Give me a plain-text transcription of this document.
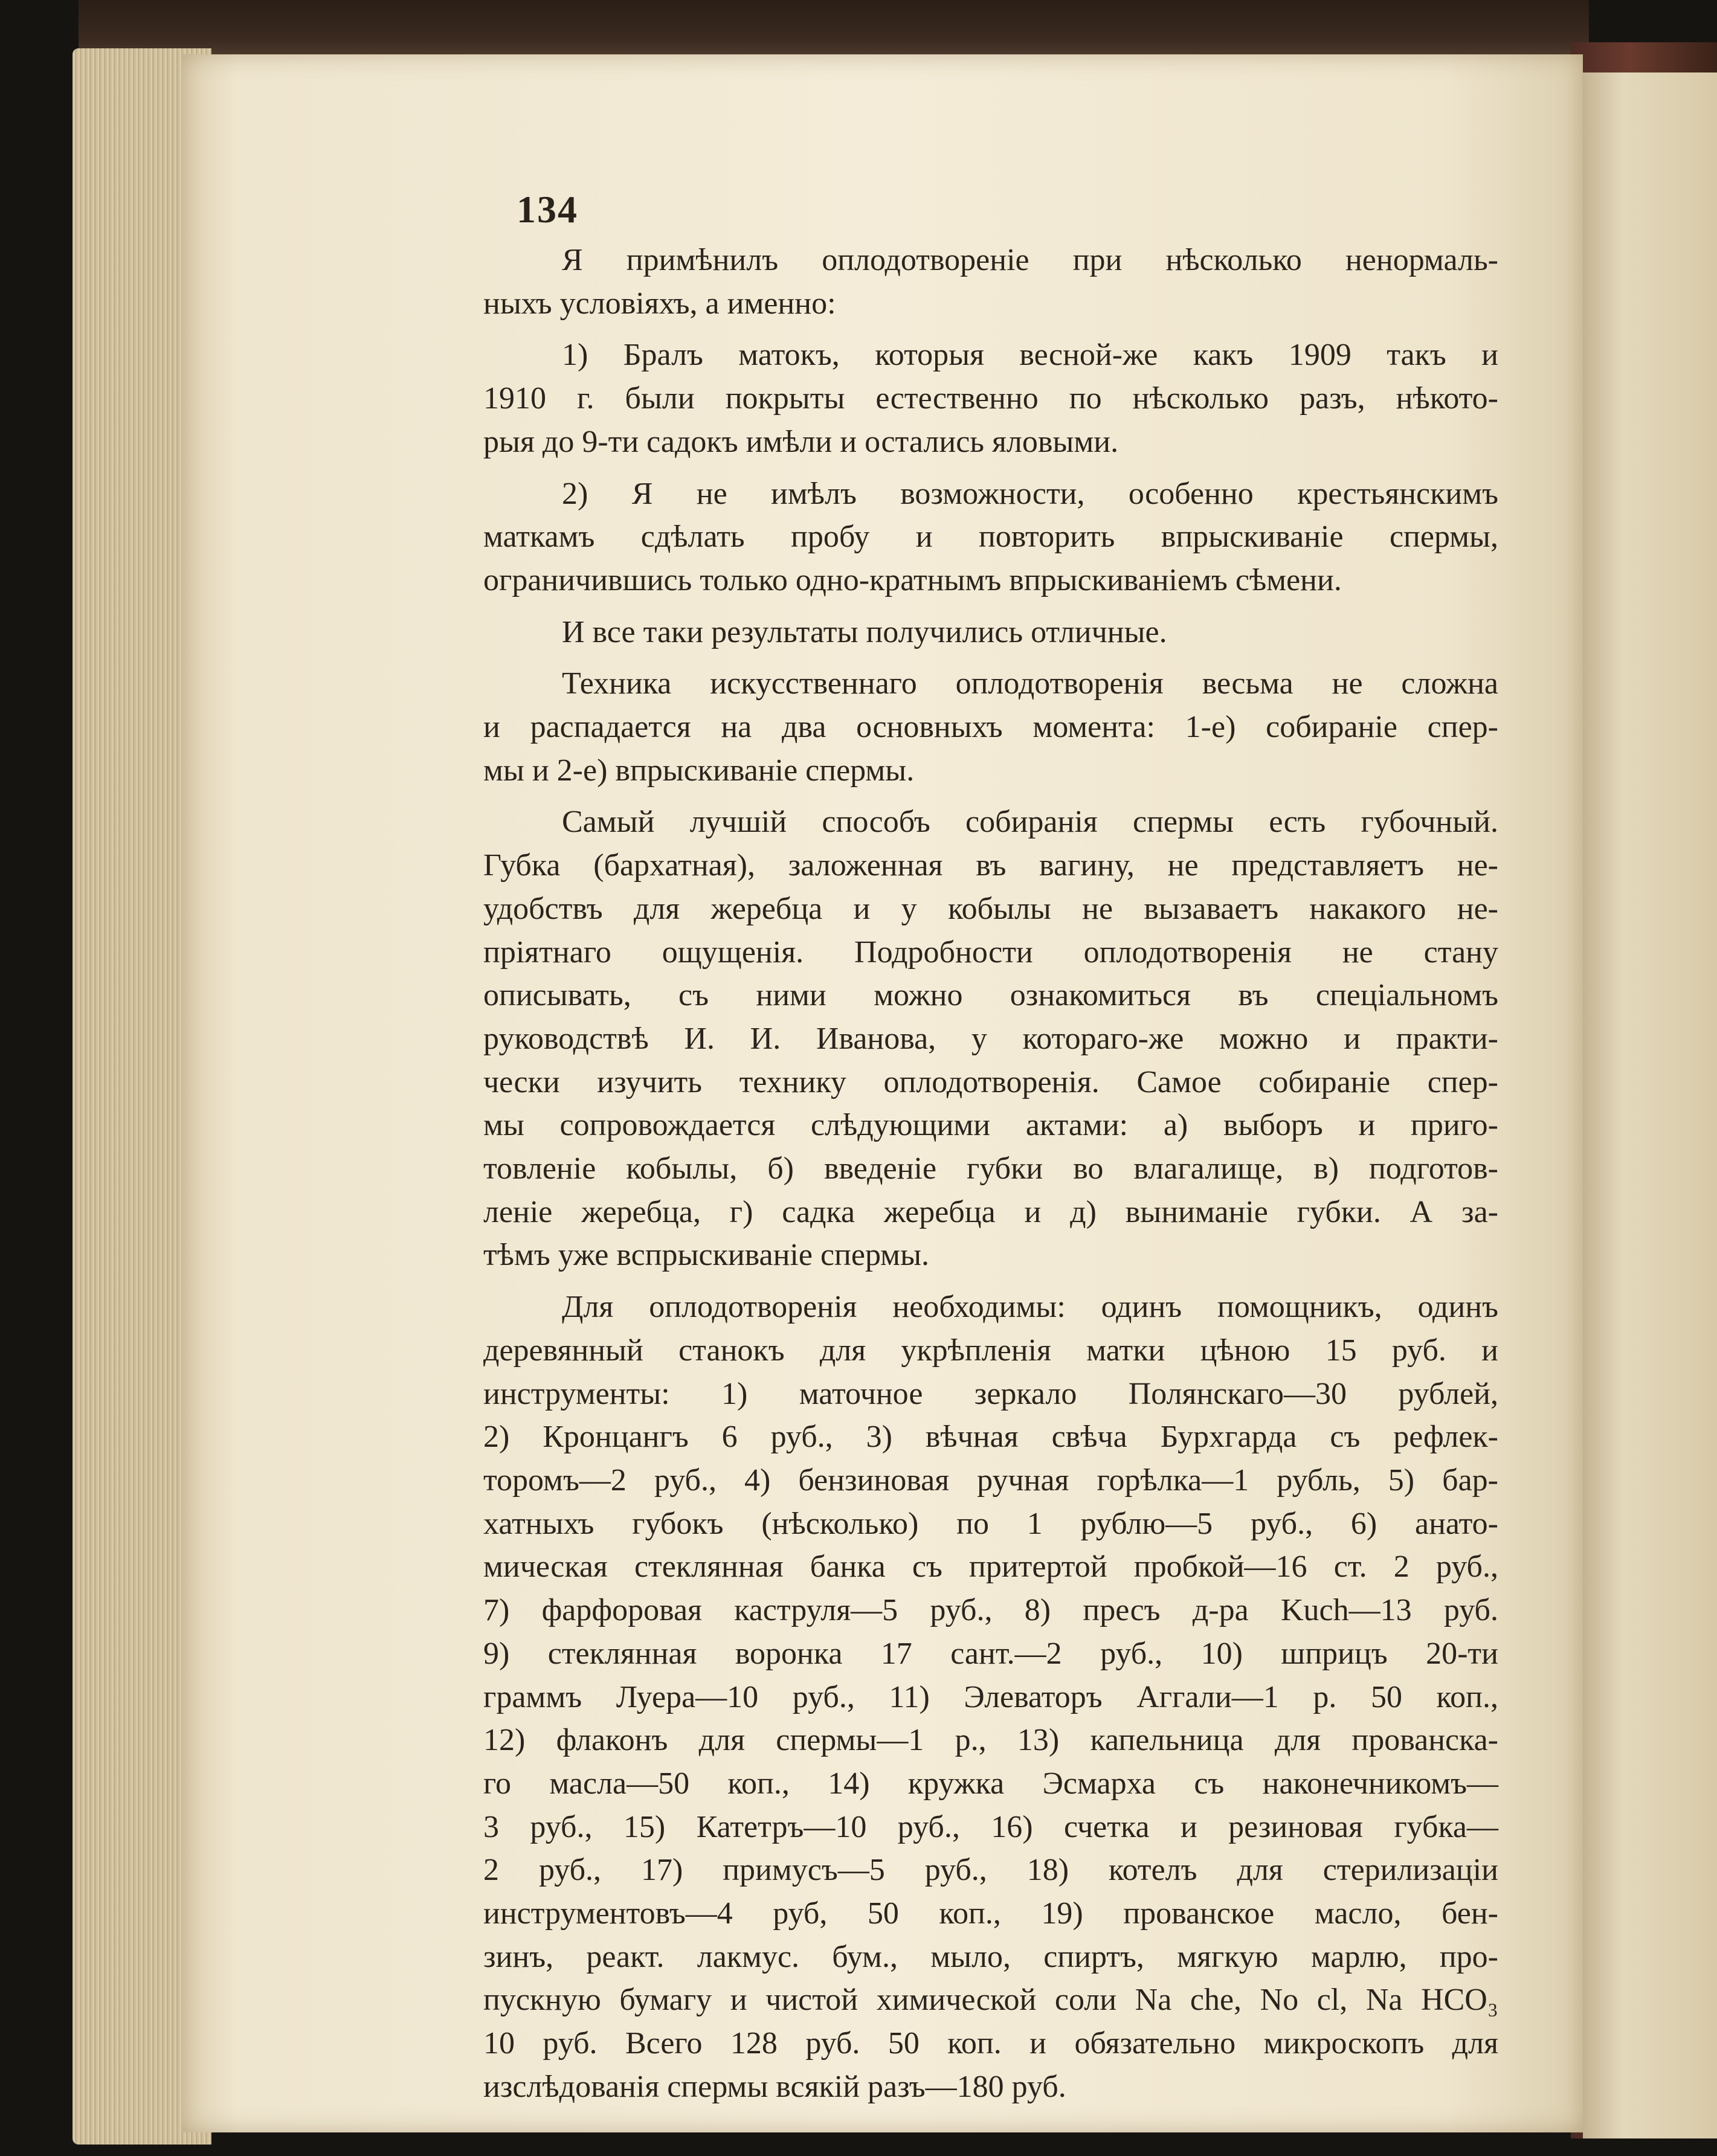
134
Я примѣнилъ оплодотвореніе при нѣсколько ненормаль-
ныхъ условіяхъ, а именно:
1) Бралъ матокъ, которыя весной-же какъ 1909 такъ и
1910 г. были покрыты естественно по нѣсколько разъ, нѣкото-
рыя до 9-ти садокъ имѣли и остались яловыми.
2) Я не имѣлъ возможности, особенно крестьянскимъ
маткамъ сдѣлать пробу и повторить впрыскиваніе спермы,
ограничившись только одно-кратнымъ впрыскиваніемъ сѣмени.
И все таки результаты получились отличные.
Техника искусственнаго оплодотворенія весьма не сложна
и распадается на два основныхъ момента: 1-е) собираніе спер-
мы и 2-е) впрыскиваніе спермы.
Самый лучшій способъ собиранія спермы есть губочный.
Губка (бархатная), заложенная въ вагину, не представляетъ не-
удобствъ для жеребца и у кобылы не вызаваетъ накакого не-
пріятнаго ощущенія. Подробности оплодотворенія не стану
описывать, съ ними можно ознакомиться въ спеціальномъ
руководствѣ И. И. Иванова, у котораго-же можно и практи-
чески изучить технику оплодотворенія. Самое собираніе спер-
мы сопровождается слѣдующими актами: а) выборъ и приго-
товленіе кобылы, б) введеніе губки во влагалище, в) подготов-
леніе жеребца, г) садка жеребца и д) выниманіе губки. А за-
тѣмъ уже вспрыскиваніе спермы.
Для оплодотворенія необходимы: одинъ помощникъ, одинъ
деревянный станокъ для укрѣпленія матки цѣною 15 руб. и
инструменты: 1) маточное зеркало Полянскаго—30 рублей,
2) Кронцангъ 6 руб., 3) вѣчная свѣча Бурхгарда съ рефлек-
торомъ—2 руб., 4) бензиновая ручная горѣлка—1 рубль, 5) бар-
хатныхъ губокъ (нѣсколько) по 1 рублю—5 руб., 6) анато-
мическая стеклянная банка съ притертой пробкой—16 ст. 2 руб.,
7) фарфоровая каструля—5 руб., 8) пресъ д-ра Kuch—13 руб.
9) стеклянная воронка 17 сант.—2 руб., 10) шприцъ 20-ти
граммъ Луера—10 руб., 11) Элеваторъ Аггали—1 р. 50 коп.,
12) флаконъ для спермы—1 р., 13) капельница для прованска-
го масла—50 коп., 14) кружка Эсмарха съ наконечникомъ—
3 руб., 15) Катетръ—10 руб., 16) счетка и резиновая губка—
2 руб., 17) примусъ—5 руб., 18) котелъ для стерилизаціи
инструментовъ—4 руб, 50 коп., 19) прованское масло, бен-
зинъ, реакт. лакмус. бум., мыло, спиртъ, мягкую марлю, про-
пускную бумагу и чистой химической соли Na che, No cl, Na HCO₃
10 руб. Всего 128 руб. 50 коп. и обязательно микроскопъ для
изслѣдованія спермы всякій разъ—180 руб.
